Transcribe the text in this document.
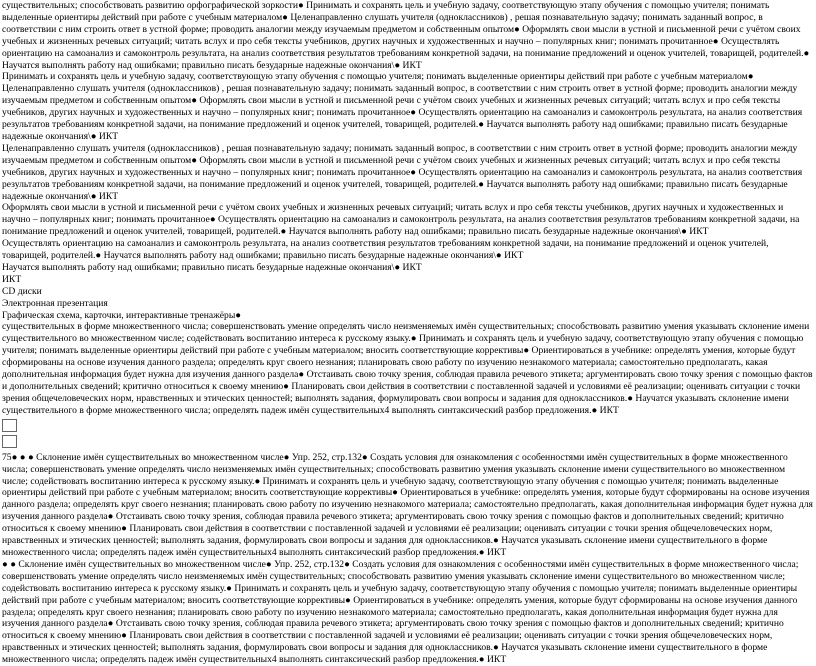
существительных; способствовать развитию орфографической зоркости● Принимать и сохранять цель и учебную задачу, соответствующую этапу обучения с помощью учителя; понимать выделенные ориентиры действий при работе с учебным материалом● Целенаправленно слушать учителя (одноклассников) , решая познавательную задачу; понимать заданный вопрос, в соответствии с ним строить ответ в устной форме; проводить аналогии между изучаемым предметом и собственным опытом● Оформлять свои мысли в устной и письменной речи с учётом своих учебных и жизненных речевых ситуаций; читать вслух и про себя тексты учебников, других научных и художественных и научно – популярных книг; понимать прочитанное● Осуществлять ориентацию на самоанализ и самоконтроль результата, на анализ соответствия результатов требованиям конкретной задачи, на понимание предложений и оценок учителей, товарищей, родителей.● Научатся выполнять работу над ошибками; правильно писать безударные надежные окончания\● ИКТ

Принимать и сохранять цель и учебную задачу, соответствующую этапу обучения с помощью учителя; понимать выделенные ориентиры действий при работе с учебным материалом● Целенаправленно слушать учителя (одноклассников) , решая познавательную задачу; понимать заданный вопрос, в соответствии с ним строить ответ в устной форме; проводить аналогии между изучаемым предметом и собственным опытом● Оформлять свои мысли в устной и письменной речи с учётом своих учебных и жизненных речевых ситуаций; читать вслух и про себя тексты учебников, других научных и художественных и научно – популярных книг; понимать прочитанное● Осуществлять ориентацию на самоанализ и самоконтроль результата, на анализ соответствия результатов требованиям конкретной задачи, на понимание предложений и оценок учителей, товарищей, родителей.● Научатся выполнять работу над ошибками; правильно писать безударные надежные окончания\● ИКТ

Целенаправленно слушать учителя (одноклассников) , решая познавательную задачу; понимать заданный вопрос, в соответствии с ним строить ответ в устной форме; проводить аналогии между изучаемым предметом и собственным опытом● Оформлять свои мысли в устной и письменной речи с учётом своих учебных и жизненных речевых ситуаций; читать вслух и про себя тексты учебников, других научных и художественных и научно – популярных книг; понимать прочитанное● Осуществлять ориентацию на самоанализ и самоконтроль результата, на анализ соответствия результатов требованиям конкретной задачи, на понимание предложений и оценок учителей, товарищей, родителей.● Научатся выполнять работу над ошибками; правильно писать безударные надежные окончания\● ИКТ

Оформлять свои мысли в устной и письменной речи с учётом своих учебных и жизненных речевых ситуаций; читать вслух и про себя тексты учебников, других научных и художественных и научно – популярных книг; понимать прочитанное● Осуществлять ориентацию на самоанализ и самоконтроль результата, на анализ соответствия результатов требованиям конкретной задачи, на понимание предложений и оценок учителей, товарищей, родителей.● Научатся выполнять работу над ошибками; правильно писать безударные надежные окончания\● ИКТ

Осуществлять ориентацию на самоанализ и самоконтроль результата, на анализ соответствия результатов требованиям конкретной задачи, на понимание предложений и оценок учителей, товарищей, родителей.● Научатся выполнять работу над ошибками; правильно писать безударные надежные окончания\● ИКТ

Научатся выполнять работу над ошибками; правильно писать безударные надежные окончания\● ИКТ

ИКТ

CD диски

Электронная презентация

Графическая схема, карточки, интерактивные тренажёры●

существительных в форме множественного числа; совершенствовать умение определять число неизменяемых имён существительных; способствовать развитию умения указывать склонение имени существительного во множественном числе; содействовать воспитанию интереса к русскому языку.● Принимать и сохранять цель и учебную задачу, соответствующую этапу обучения с помощью учителя; понимать выделенные ориентиры действий при работе с учебным материалом; вносить соответствующие коррективы● Ориентироваться в учебнике: определять умения, которые будут сформированы на основе изучения данного раздела; определять круг своего незнания; планировать свою работу по изучению незнакомого материала; самостоятельно предполагать, какая дополнительная информация будет нужна для изучения данного раздела● Отстаивать свою точку зрения, соблюдая правила речевого этикета; аргументировать свою точку зрения с помощью фактов и дополнительных сведений; критично относиться к своему мнению● Планировать свои действия в соответствии с поставленной задачей и условиями её реализации; оценивать ситуации с точки зрения общечеловеческих норм, нравственных и этических ценностей; выполнять задания, формулировать свои вопросы и задания для одноклассников.● Научатся указывать склонение имени существительного в форме множественного числа; определять падеж имён существительных4 выполнять синтаксический разбор предложения.● ИКТ

75● ● ● Склонение имён существительных во множественном числе● Упр. 252, стр.132● Создать условия для ознакомления с особенностями имён существительных в форме множественного числа; совершенствовать умение определять число неизменяемых имён существительных; способствовать развитию умения указывать склонение имени существительного во множественном числе; содействовать воспитанию интереса к русскому языку.● Принимать и сохранять цель и учебную задачу, соответствующую этапу обучения с помощью учителя; понимать выделенные ориентиры действий при работе с учебным материалом; вносить соответствующие коррективы● Ориентироваться в учебнике: определять умения, которые будут сформированы на основе изучения данного раздела; определять круг своего незнания; планировать свою работу по изучению незнакомого материала; самостоятельно предполагать, какая дополнительная информация будет нужна для изучения данного раздела● Отстаивать свою точку зрения, соблюдая правила речевого этикета; аргументировать свою точку зрения с помощью фактов и дополнительных сведений; критично относиться к своему мнению● Планировать свои действия в соответствии с поставленной задачей и условиями её реализации; оценивать ситуации с точки зрения общечеловеческих норм, нравственных и этических ценностей; выполнять задания, формулировать свои вопросы и задания для одноклассников.● Научатся указывать склонение имени существительного в форме множественного числа; определять падеж имён существительных4 выполнять синтаксический разбор предложения.● ИКТ

● ● Склонение имён существительных во множественном числе● Упр. 252, стр.132● Создать условия для ознакомления с особенностями имён существительных в форме множественного числа; совершенствовать умение определять число неизменяемых имён существительных; способствовать развитию умения указывать склонение имени существительного во множественном числе; содействовать воспитанию интереса к русскому языку.● Принимать и сохранять цель и учебную задачу, соответствующую этапу обучения с помощью учителя; понимать выделенные ориентиры действий при работе с учебным материалом; вносить соответствующие коррективы● Ориентироваться в учебнике: определять умения, которые будут сформированы на основе изучения данного раздела; определять круг своего незнания; планировать свою работу по изучению незнакомого материала; самостоятельно предполагать, какая дополнительная информация будет нужна для изучения данного раздела● Отстаивать свою точку зрения, соблюдая правила речевого этикета; аргументировать свою точку зрения с помощью фактов и дополнительных сведений; критично относиться к своему мнению● Планировать свои действия в соответствии с поставленной задачей и условиями её реализации; оценивать ситуации с точки зрения общечеловеческих норм, нравственных и этических ценностей; выполнять задания, формулировать свои вопросы и задания для одноклассников.● Научатся указывать склонение имени существительного в форме множественного числа; определять падеж имён существительных4 выполнять синтаксический разбор предложения.● ИКТ
